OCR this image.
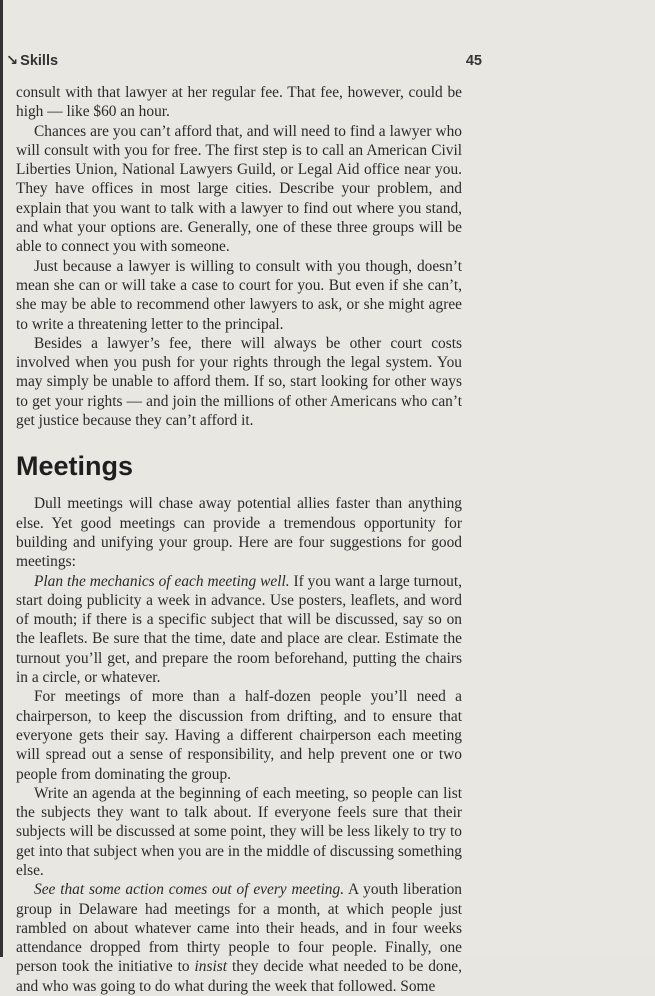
↘ Skills	45

consult with that lawyer at her regular fee. That fee, however, could be high — like $60 an hour.

Chances are you can’t afford that, and will need to find a lawyer who will consult with you for free. The first step is to call an American Civil Liberties Union, National Lawyers Guild, or Legal Aid office near you. They have offices in most large cities. Describe your problem, and explain that you want to talk with a lawyer to find out where you stand, and what your options are. Generally, one of these three groups will be able to connect you with someone.

Just because a lawyer is willing to consult with you though, doesn’t mean she can or will take a case to court for you. But even if she can’t, she may be able to recommend other lawyers to ask, or she might agree to write a threatening letter to the principal.

Besides a lawyer’s fee, there will always be other court costs involved when you push for your rights through the legal system. You may simply be unable to afford them. If so, start looking for other ways to get your rights — and join the millions of other Americans who can’t get justice because they can’t afford it.

Meetings

Dull meetings will chase away potential allies faster than anything else. Yet good meetings can provide a tremendous opportunity for building and unifying your group. Here are four suggestions for good meetings:

Plan the mechanics of each meeting well. If you want a large turnout, start doing publicity a week in advance. Use posters, leaflets, and word of mouth; if there is a specific subject that will be discussed, say so on the leaflets. Be sure that the time, date and place are clear. Estimate the turnout you’ll get, and prepare the room beforehand, putting the chairs in a circle, or whatever.

For meetings of more than a half-dozen people you’ll need a chairperson, to keep the discussion from drifting, and to ensure that everyone gets their say. Having a different chairperson each meeting will spread out a sense of responsibility, and help prevent one or two people from dominating the group.

Write an agenda at the beginning of each meeting, so people can list the subjects they want to talk about. If everyone feels sure that their subjects will be discussed at some point, they will be less likely to try to get into that subject when you are in the middle of discussing something else.

See that some action comes out of every meeting. A youth liberation group in Delaware had meetings for a month, at which people just rambled on about whatever came into their heads, and in four weeks attendance dropped from thirty people to four people. Finally, one person took the initiative to insist they decide what needed to be done, and who was going to do what during the week that followed. Some
